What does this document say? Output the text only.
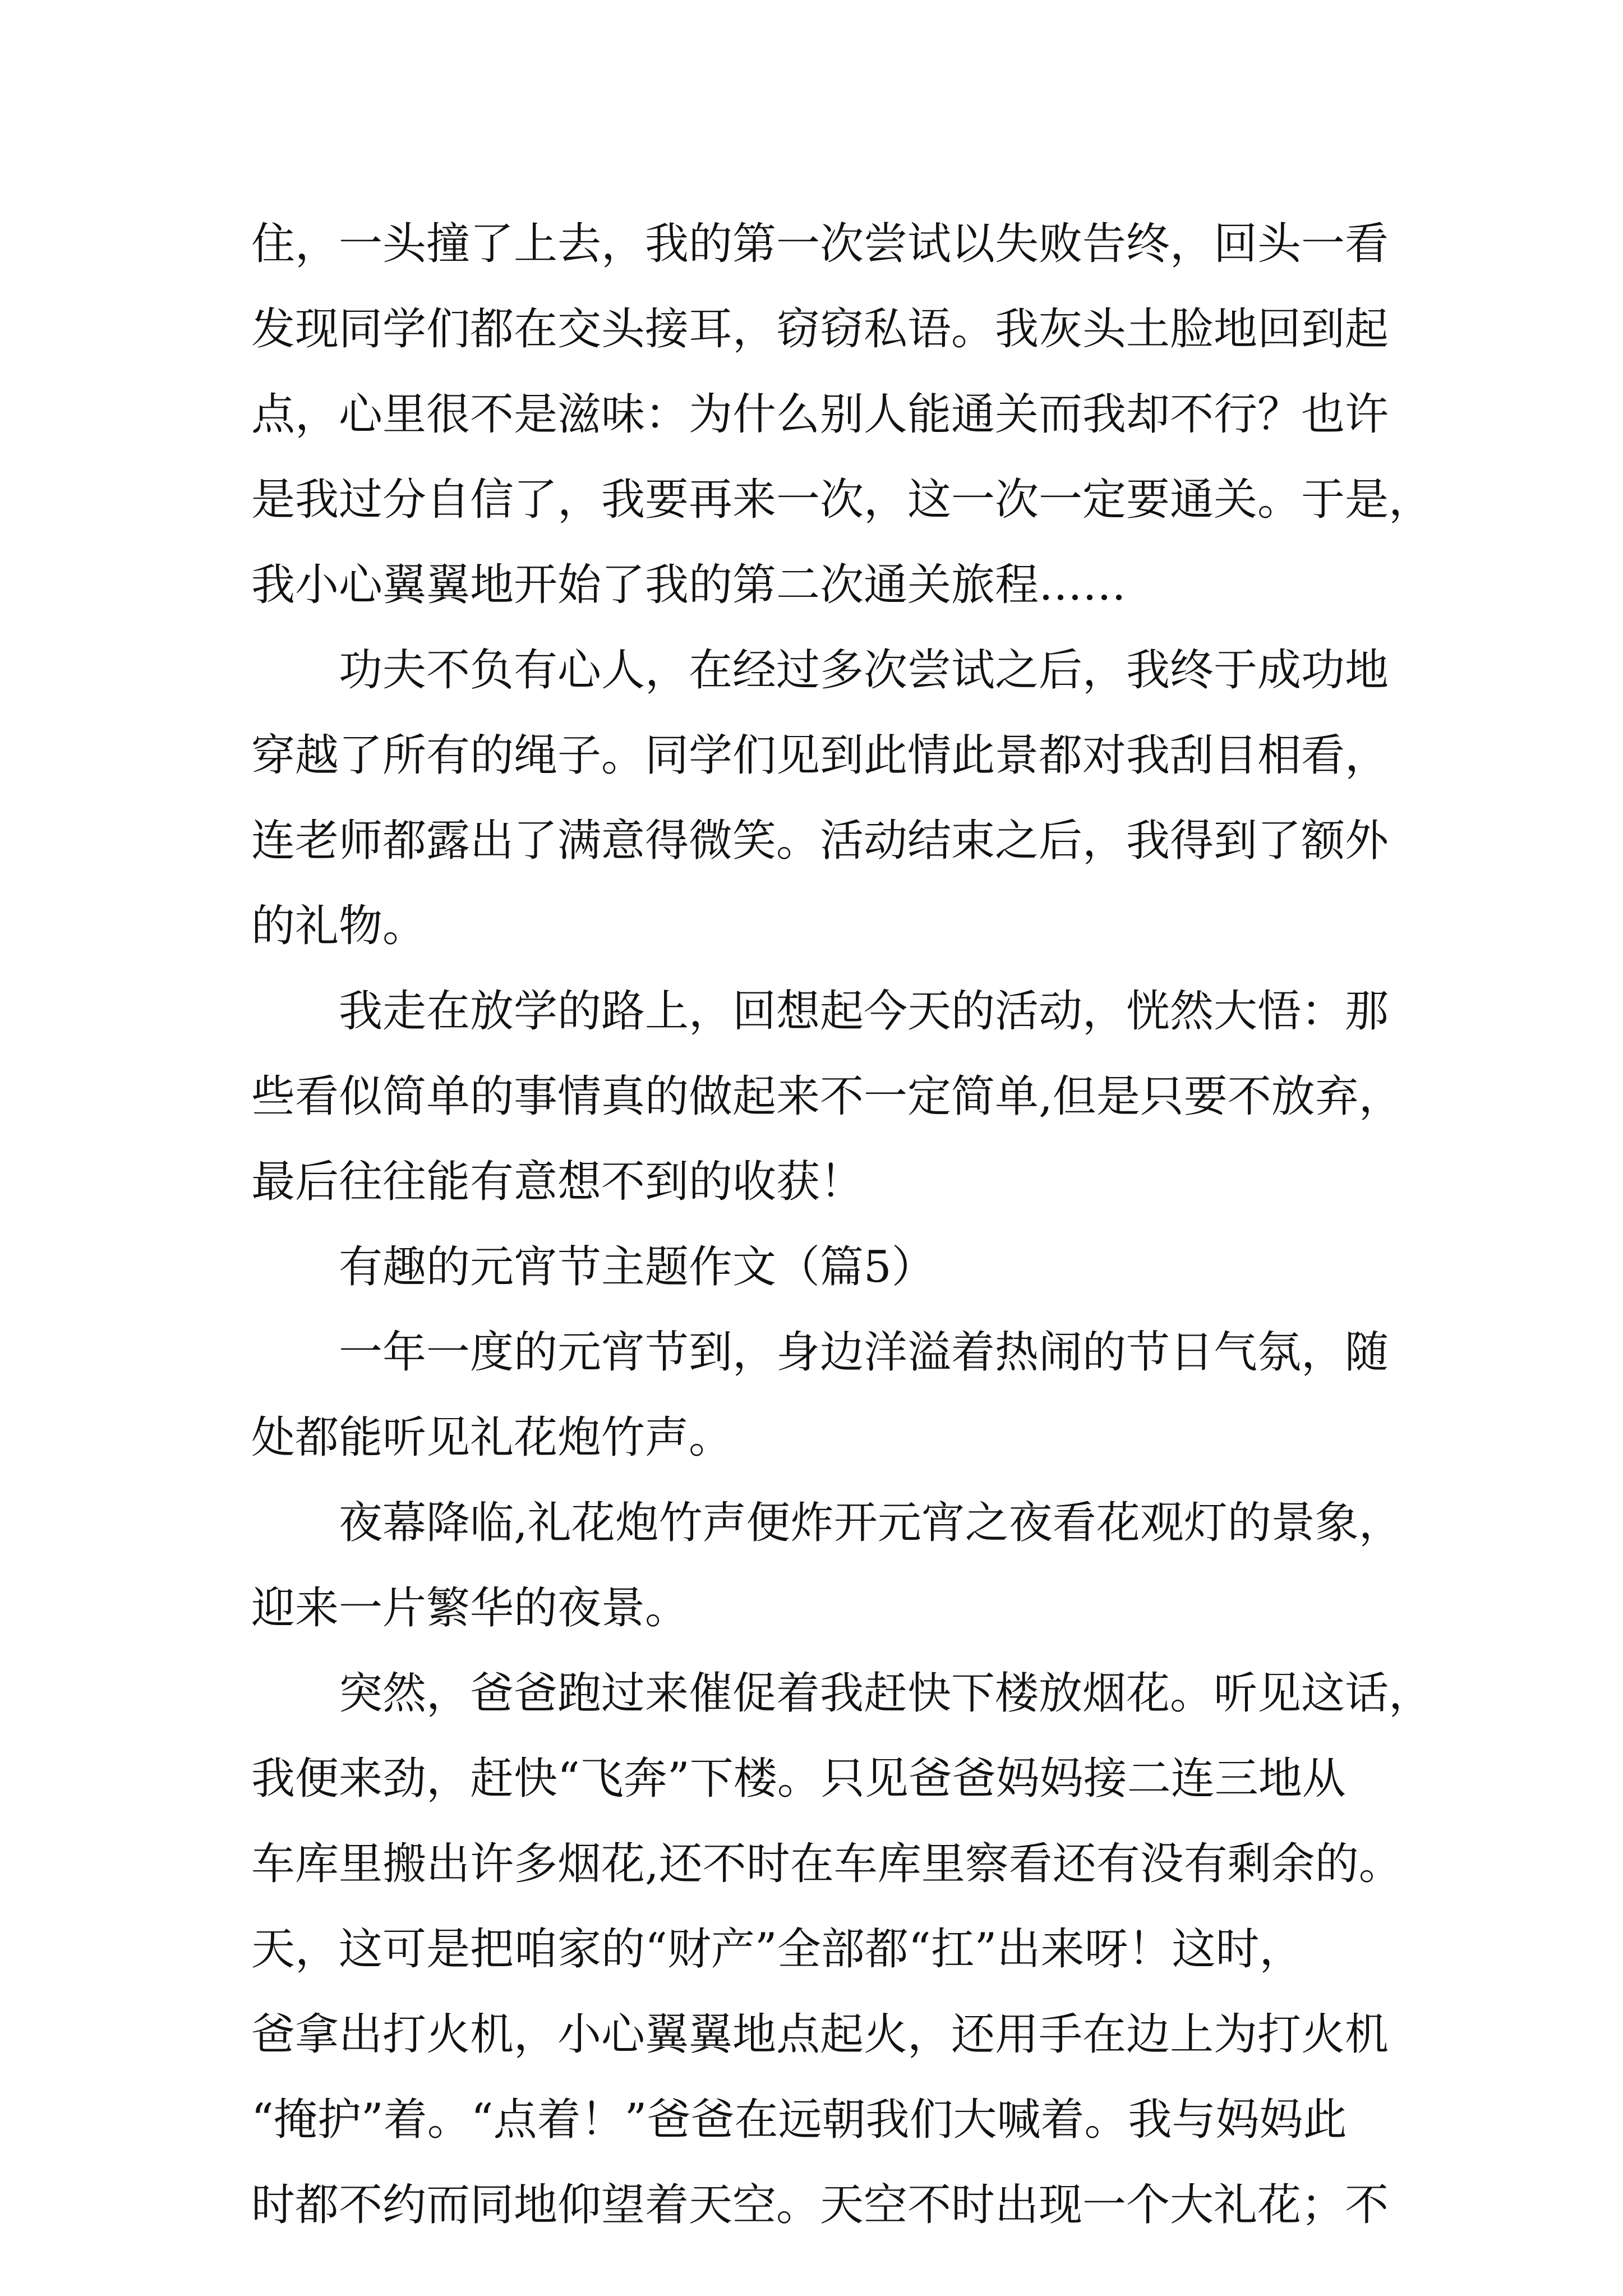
住，一头撞了上去，我的第一次尝试以失败告终，回头一看
发现同学们都在交头接耳，窃窃私语。我灰头土脸地回到起
点，心里很不是滋味：为什么别人能通关而我却不行？也许
是我过分自信了，我要再来一次，这一次一定要通关。于是，
我小心翼翼地开始了我的第二次通关旅程……
功夫不负有心人，在经过多次尝试之后，我终于成功地
穿越了所有的绳子。同学们见到此情此景都对我刮目相看，
连老师都露出了满意得微笑。活动结束之后，我得到了额外
的礼物。
我走在放学的路上，回想起今天的活动，恍然大悟：那
些看似简单的事情真的做起来不一定简单,但是只要不放弃，
最后往往能有意想不到的收获！
有趣的元宵节主题作文（篇5）
一年一度的元宵节到，身边洋溢着热闹的节日气氛，随
处都能听见礼花炮竹声。
夜幕降临,礼花炮竹声便炸开元宵之夜看花观灯的景象，
迎来一片繁华的夜景。
突然，爸爸跑过来催促着我赶快下楼放烟花。听见这话，
我便来劲，赶快“飞奔”下楼。只见爸爸妈妈接二连三地从
车库里搬出许多烟花,还不时在车库里察看还有没有剩余的。
天，这可是把咱家的“财产”全部都“扛”出来呀！这时，
爸拿出打火机，小心翼翼地点起火，还用手在边上为打火机
“掩护”着。“点着！”爸爸在远朝我们大喊着。我与妈妈此
时都不约而同地仰望着天空。天空不时出现一个大礼花；不
